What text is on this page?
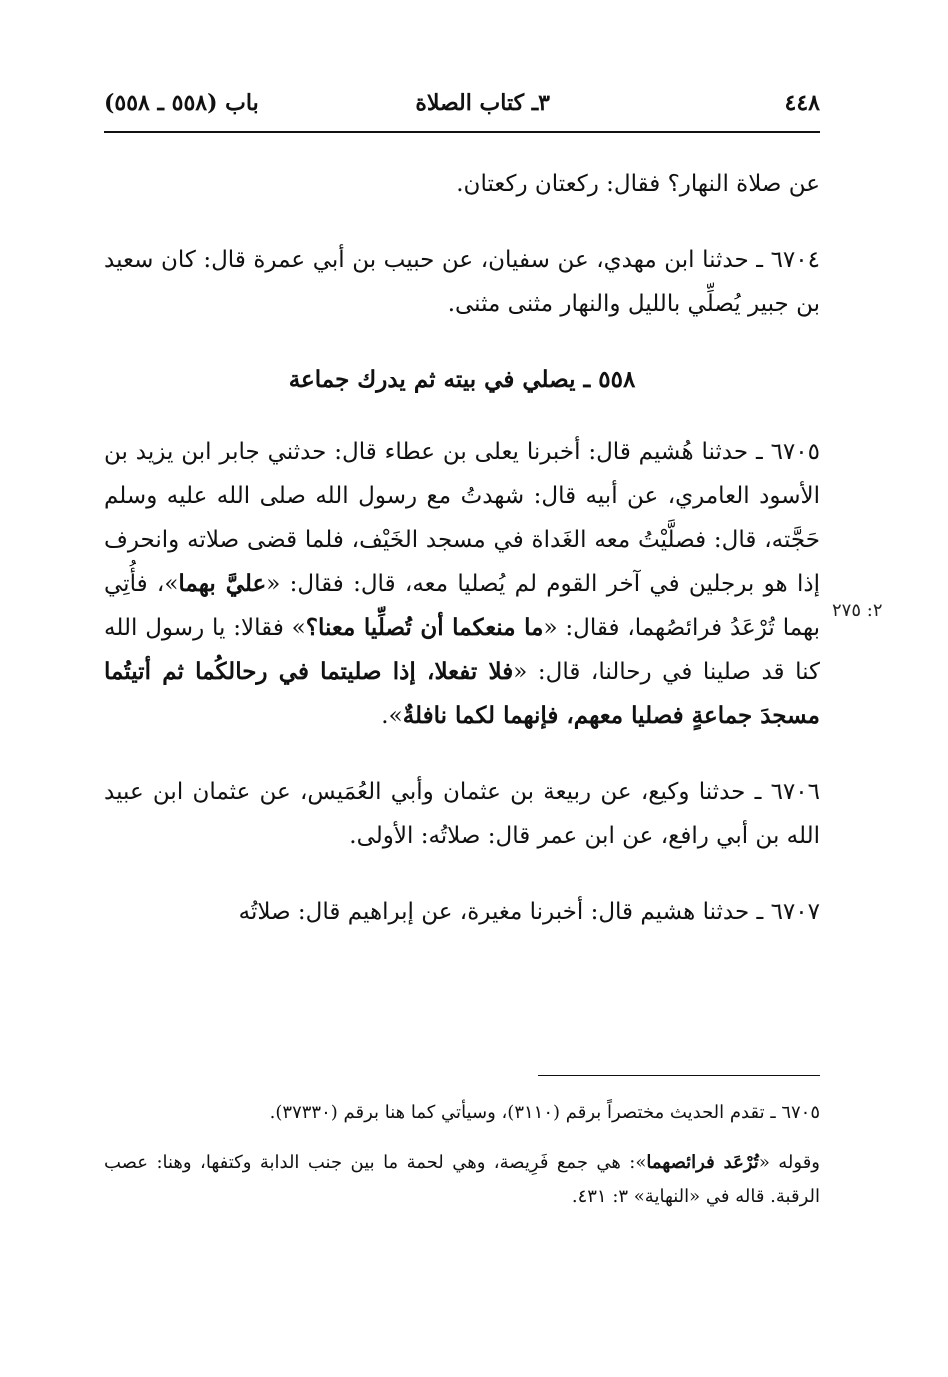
٤٤٨
٣ـ كتاب الصلاة
باب (٥٥٨ ـ ٥٥٨)

عن صلاة النهار؟ فقال: ركعتان ركعتان.

٦٧٠٤ ـ حدثنا ابن مهدي، عن سفيان، عن حبيب بن أبي عمرة قال: كان سعيد بن جبير يُصلِّي بالليل والنهار مثنى مثنى.

٥٥٨ ـ يصلي في بيته ثم يدرك جماعة

٦٧٠٥ ـ حدثنا هُشيم قال: أخبرنا يعلى بن عطاء قال: حدثني جابر ابن يزيد بن الأسود العامري، عن أبيه قال: شهدتُ مع رسول الله صلى الله عليه وسلم حَجَّته، قال: فصلَّيْتُ معه الغَداة في مسجد الخَيْف، فلما قضى صلاته وانحرف إذا هو برجلين في آخر القوم لم يُصليا معه، قال: فقال: «عليَّ بهما»، فأُتِي بهما تُرْعَدُ فرائصُهما، فقال: «ما منعكما أن تُصلِّيا معنا؟» فقالا: يا رسول الله كنا قد صلينا في رحالنا، قال: «فلا تفعلا، إذا صليتما في رحالكُما ثم أتيتُما مسجدَ جماعةٍ فصليا معهم، فإنهما لكما نافلةٌ».

٦٧٠٦ ـ حدثنا وكيع، عن ربيعة بن عثمان وأبي العُمَيس، عن عثمان ابن عبيد الله بن أبي رافع، عن ابن عمر قال: صلاتُه: الأولى.

٦٧٠٧ ـ حدثنا هشيم قال: أخبرنا مغيرة، عن إبراهيم قال: صلاتُه

٢: ٢٧٥

٦٧٠٥ ـ تقدم الحديث مختصراً برقم (٣١١٠)، وسيأتي كما هنا برقم (٣٧٣٣٠).

وقوله «تُرْعَد فرائصهما»: هي جمع فَرِيصة، وهي لحمة ما بين جنب الدابة وكتفها، وهنا: عصب الرقبة. قاله في «النهاية» ٣: ٤٣١.
